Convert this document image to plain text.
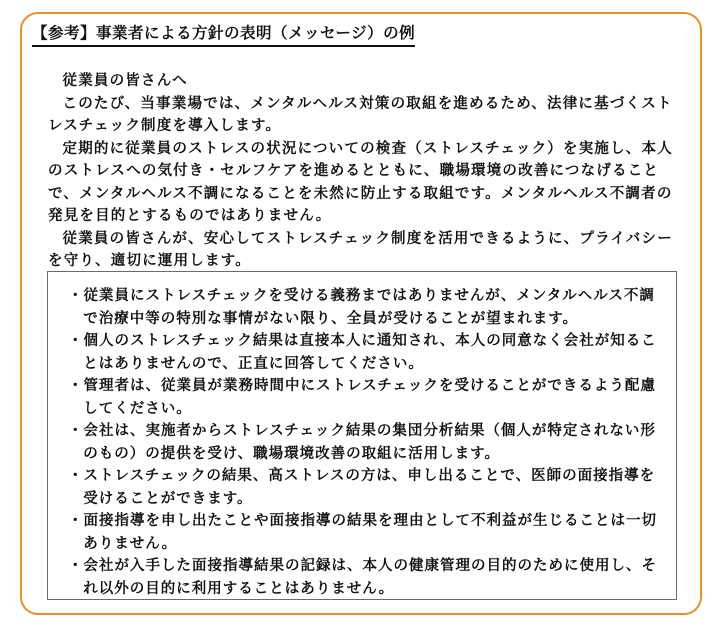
【参考】事業者による方針の表明（メッセージ）の例

従業員の皆さんへ

このたび、当事業場では、メンタルヘルス対策の取組を進めるため、法律に基づくストレスチェック制度を導入します。

定期的に従業員のストレスの状況についての検査（ストレスチェック）を実施し、本人のストレスへの気付き・セルフケアを進めるとともに、職場環境の改善につなげることで、メンタルヘルス不調になることを未然に防止する取組です。メンタルヘルス不調者の発見を目的とするものではありません。

従業員の皆さんが、安心してストレスチェック制度を活用できるように、プライバシーを守り、適切に運用します。

・従業員にストレスチェックを受ける義務まではありませんが、メンタルヘルス不調で治療中等の特別な事情がない限り、全員が受けることが望まれます。
・個人のストレスチェック結果は直接本人に通知され、本人の同意なく会社が知ることはありませんので、正直に回答してください。
・管理者は、従業員が業務時間中にストレスチェックを受けることができるよう配慮してください。
・会社は、実施者からストレスチェック結果の集団分析結果（個人が特定されない形のもの）の提供を受け、職場環境改善の取組に活用します。
・ストレスチェックの結果、高ストレスの方は、申し出ることで、医師の面接指導を受けることができます。
・面接指導を申し出たことや面接指導の結果を理由として不利益が生じることは一切ありません。
・会社が入手した面接指導結果の記録は、本人の健康管理の目的のために使用し、それ以外の目的に利用することはありません。
